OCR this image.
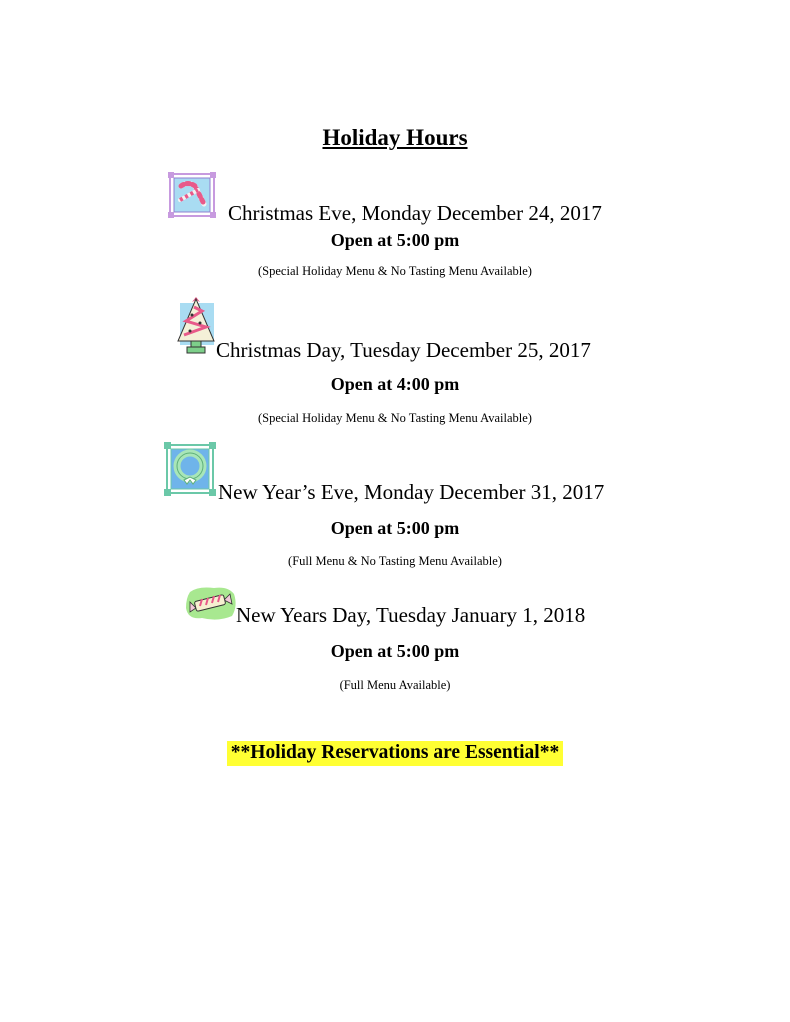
Holiday Hours
Christmas Eve, Monday December 24, 2017
Open at 5:00 pm
(Special Holiday Menu & No Tasting Menu Available)
Christmas Day, Tuesday December 25, 2017
Open at 4:00 pm
(Special Holiday Menu & No Tasting Menu Available)
New Year’s Eve, Monday December 31, 2017
Open at 5:00 pm
(Full Menu & No Tasting Menu Available)
New Years Day, Tuesday January 1, 2018
Open at 5:00 pm
(Full Menu Available)
**Holiday Reservations are Essential**
